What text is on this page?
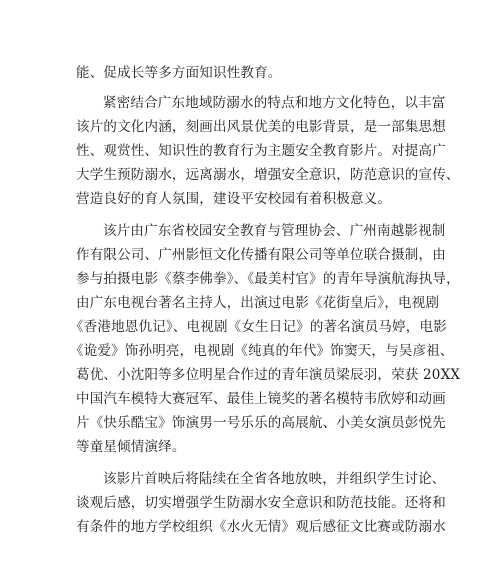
能、促成长等多方面知识性教育。
紧密结合广东地域防溺水的特点和地方文化特色，以丰富
该片的文化内涵，刻画出风景优美的电影背景，是一部集思想
性、观赏性、知识性的教育行为主题安全教育影片。对提高广
大学生预防溺水，远离溺水，增强安全意识，防范意识的宣传、
营造良好的育人氛围，建设平安校园有着积极意义。
该片由广东省校园安全教育与管理协会、广州南越影视制
作有限公司、广州影恒文化传播有限公司等单位联合摄制，由
参与拍摄电影《蔡李佛拳》、《最美村官》的青年导演航海执导，
由广东电视台著名主持人，出演过电影《花街皇后》，电视剧
《香港地恩仇记》、电视剧《女生日记》的著名演员马婷，电影
《诡爱》饰孙明亮，电视剧《纯真的年代》饰窦天，与吴彦祖、
葛优、小沈阳等多位明星合作过的青年演员梁辰羽，荣获 20XX
中国汽车模特大赛冠军、最佳上镜奖的著名模特韦欣婷和动画
片《快乐酷宝》饰演男一号乐乐的高展航、小美女演员彭悦先
等童星倾情演绎。
该影片首映后将陆续在全省各地放映，并组织学生讨论、
谈观后感，切实增强学生防溺水安全意识和防范技能。还将和
有条件的地方学校组织《水火无情》观后感征文比赛或防溺水
